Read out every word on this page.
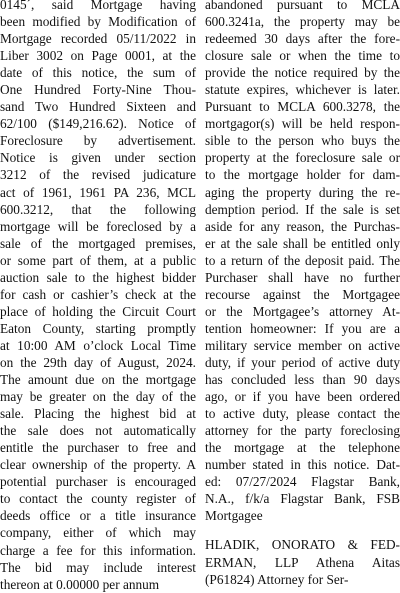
0145´, said Mortgage having
been modified by Modification of
Mortgage recorded 05/11/2022 in
Liber 3002 on Page 0001, at the
date of this notice, the sum of
One Hundred Forty-Nine Thou-
sand Two Hundred Sixteen and
62/100 ($149,216.62). Notice of
Foreclosure by advertisement.
Notice is given under section
3212 of the revised judicature
act of 1961, 1961 PA 236, MCL
600.3212, that the following
mortgage will be foreclosed by a
sale of the mortgaged premises,
or some part of them, at a public
auction sale to the highest bidder
for cash or cashier’s check at the
place of holding the Circuit Court
Eaton County, starting promptly
at 10:00 AM o’clock Local Time
on the 29th day of August, 2024.
The amount due on the mortgage
may be greater on the day of the
sale. Placing the highest bid at
the sale does not automatically
entitle the purchaser to free and
clear ownership of the property. A
potential purchaser is encouraged
to contact the county register of
deeds office or a title insurance
company, either of which may
charge a fee for this information.
The bid may include interest
thereon at 0.00000 per annum
abandoned pursuant to MCLA
600.3241a, the property may be
redeemed 30 days after the fore-
closure sale or when the time to
provide the notice required by the
statute expires, whichever is later.
Pursuant to MCLA 600.3278, the
mortgagor(s) will be held respon-
sible to the person who buys the
property at the foreclosure sale or
to the mortgage holder for dam-
aging the property during the re-
demption period. If the sale is set
aside for any reason, the Purchas-
er at the sale shall be entitled only
to a return of the deposit paid. The
Purchaser shall have no further
recourse against the Mortgagee
or the Mortgagee’s attorney At-
tention homeowner: If you are a
military service member on active
duty, if your period of active duty
has concluded less than 90 days
ago, or if you have been ordered
to active duty, please contact the
attorney for the party foreclosing
the mortgage at the telephone
number stated in this notice. Dat-
ed: 07/27/2024 Flagstar Bank,
N.A., f/k/a Flagstar Bank, FSB
Mortgagee
HLADIK, ONORATO & FED-
ERMAN, LLP Athena Aitas
(P61824) Attorney for Ser-
